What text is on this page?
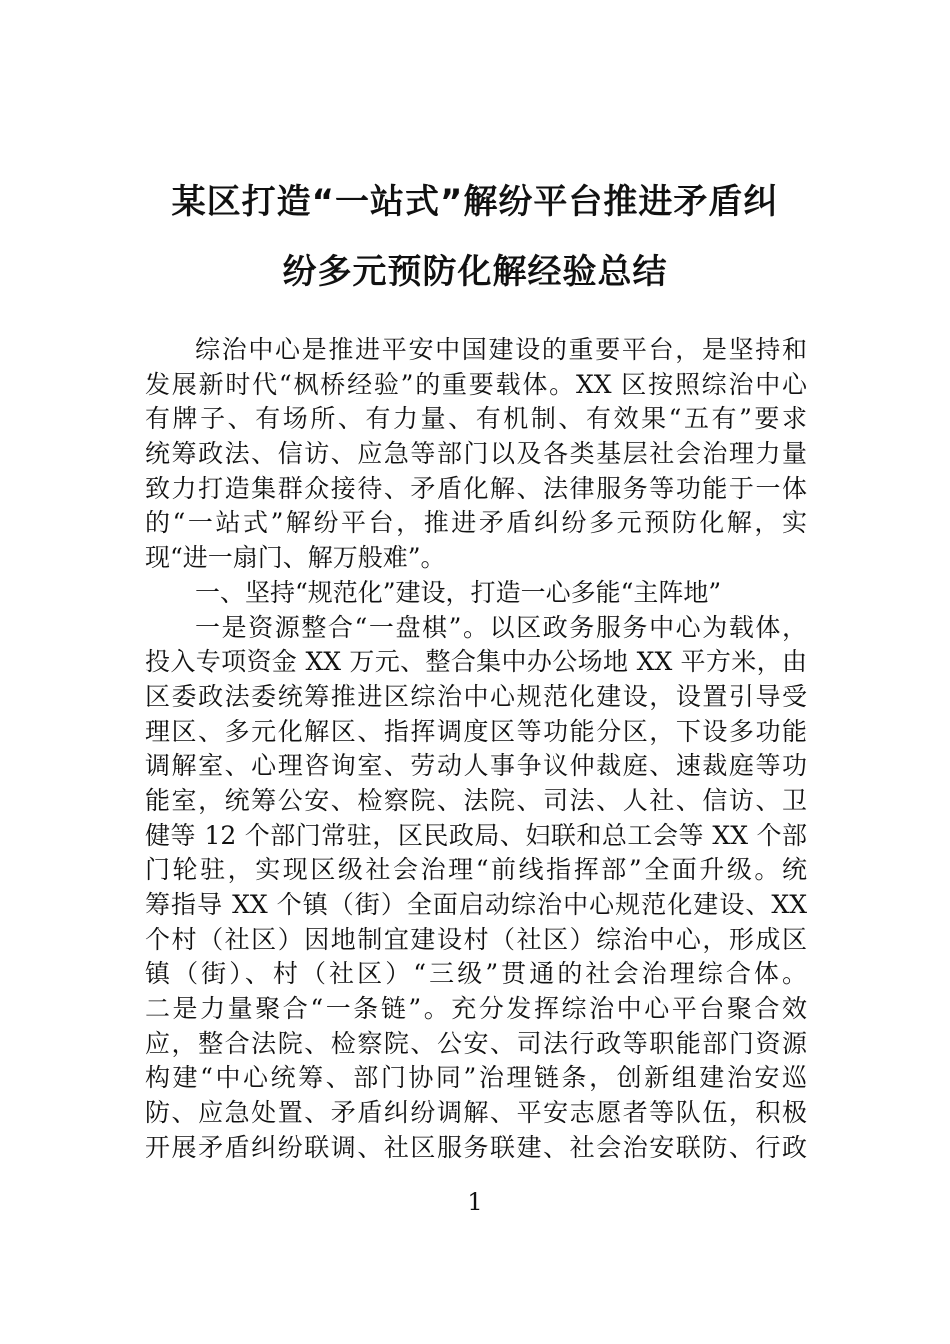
某区打造“一站式”解纷平台推进矛盾纠
纷多元预防化解经验总结
综治中心是推进平安中国建设的重要平台，是坚持和
发展新时代“枫桥经验”的重要载体。XX 区按照综治中心
有牌子、有场所、有力量、有机制、有效果“五有”要求
统筹政法、信访、应急等部门以及各类基层社会治理力量
致力打造集群众接待、矛盾化解、法律服务等功能于一体
的“一站式”解纷平台，推进矛盾纠纷多元预防化解，实
现“进一扇门、解万般难”。
一、坚持“规范化”建设，打造一心多能“主阵地”
一是资源整合“一盘棋”。以区政务服务中心为载体，
投入专项资金 XX 万元、整合集中办公场地 XX 平方米，由
区委政法委统筹推进区综治中心规范化建设，设置引导受
理区、多元化解区、指挥调度区等功能分区，下设多功能
调解室、心理咨询室、劳动人事争议仲裁庭、速裁庭等功
能室，统筹公安、检察院、法院、司法、人社、信访、卫
健等 12 个部门常驻，区民政局、妇联和总工会等 XX 个部
门轮驻，实现区级社会治理“前线指挥部”全面升级。统
筹指导 XX 个镇（街）全面启动综治中心规范化建设、XX
个村（社区）因地制宜建设村（社区）综治中心，形成区
镇（街）、村（社区）“三级”贯通的社会治理综合体。
二是力量聚合“一条链”。充分发挥综治中心平台聚合效
应，整合法院、检察院、公安、司法行政等职能部门资源
构建“中心统筹、部门协同”治理链条，创新组建治安巡
防、应急处置、矛盾纠纷调解、平安志愿者等队伍，积极
开展矛盾纠纷联调、社区服务联建、社会治安联防、行政
1
